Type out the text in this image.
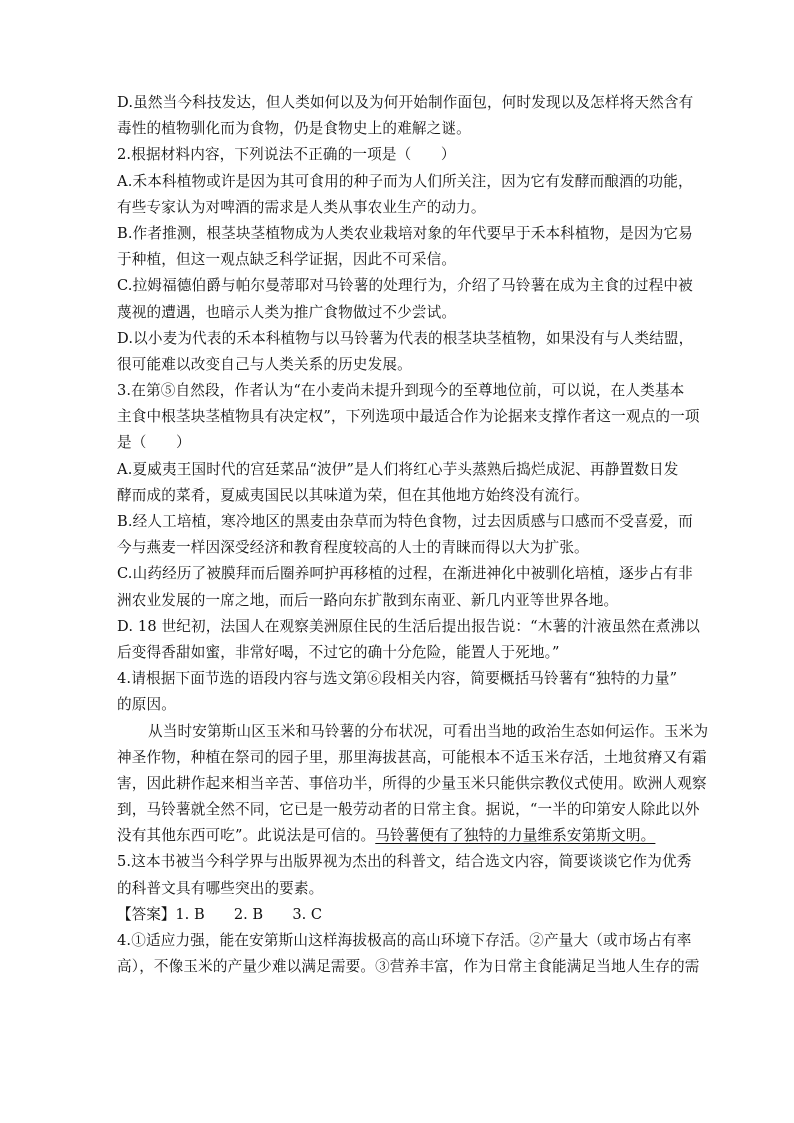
D.虽然当今科技发达，但人类如何以及为何开始制作面包，何时发现以及怎样将天然含有
毒性的植物驯化而为食物，仍是食物史上的难解之谜。
2.根据材料内容，下列说法不正确的一项是（　　）
A.禾本科植物或许是因为其可食用的种子而为人们所关注，因为它有发酵而酿酒的功能，
有些专家认为对啤酒的需求是人类从事农业生产的动力。
B.作者推测，根茎块茎植物成为人类农业栽培对象的年代要早于禾本科植物，是因为它易
于种植，但这一观点缺乏科学证据，因此不可采信。
C.拉姆福德伯爵与帕尔曼蒂耶对马铃薯的处理行为，介绍了马铃薯在成为主食的过程中被
蔑视的遭遇，也暗示人类为推广食物做过不少尝试。
D.以小麦为代表的禾本科植物与以马铃薯为代表的根茎块茎植物，如果没有与人类结盟，
很可能难以改变自己与人类关系的历史发展。
3.在第⑤自然段，作者认为“在小麦尚未提升到现今的至尊地位前，可以说，在人类基本
主食中根茎块茎植物具有决定权”，下列选项中最适合作为论据来支撑作者这一观点的一项
是（　　）
A.夏威夷王国时代的宫廷菜品“波伊”是人们将红心芋头蒸熟后捣烂成泥、再静置数日发
酵而成的菜肴，夏威夷国民以其味道为荣，但在其他地方始终没有流行。
B.经人工培植，寒冷地区的黑麦由杂草而为特色食物，过去因质感与口感而不受喜爱，而
今与燕麦一样因深受经济和教育程度较高的人士的青睐而得以大为扩张。
C.山药经历了被膜拜而后圈养呵护再移植的过程，在渐进神化中被驯化培植，逐步占有非
洲农业发展的一席之地，而后一路向东扩散到东南亚、新几内亚等世界各地。
D. 18 世纪初，法国人在观察美洲原住民的生活后提出报告说：“木薯的汁液虽然在煮沸以
后变得香甜如蜜，非常好喝，不过它的确十分危险，能置人于死地。”
4.请根据下面节选的语段内容与选文第⑥段相关内容，简要概括马铃薯有“独特的力量”
的原因。
从当时安第斯山区玉米和马铃薯的分布状况，可看出当地的政治生态如何运作。玉米为
神圣作物，种植在祭司的园子里，那里海拔甚高，可能根本不适玉米存活，土地贫瘠又有霜
害，因此耕作起来相当辛苦、事倍功半，所得的少量玉米只能供宗教仪式使用。欧洲人观察
到，马铃薯就全然不同，它已是一般劳动者的日常主食。据说，“一半的印第安人除此以外
没有其他东西可吃”。此说法是可信的。马铃薯便有了独特的力量维系安第斯文明。
5.这本书被当今科学界与出版界视为杰出的科普文，结合选文内容，简要谈谈它作为优秀
的科普文具有哪些突出的要素。
【答案】1. B　　2. B　　3. C
4.①适应力强，能在安第斯山这样海拔极高的高山环境下存活。②产量大（或市场占有率
高），不像玉米的产量少难以满足需要。③营养丰富，作为日常主食能满足当地人生存的需
